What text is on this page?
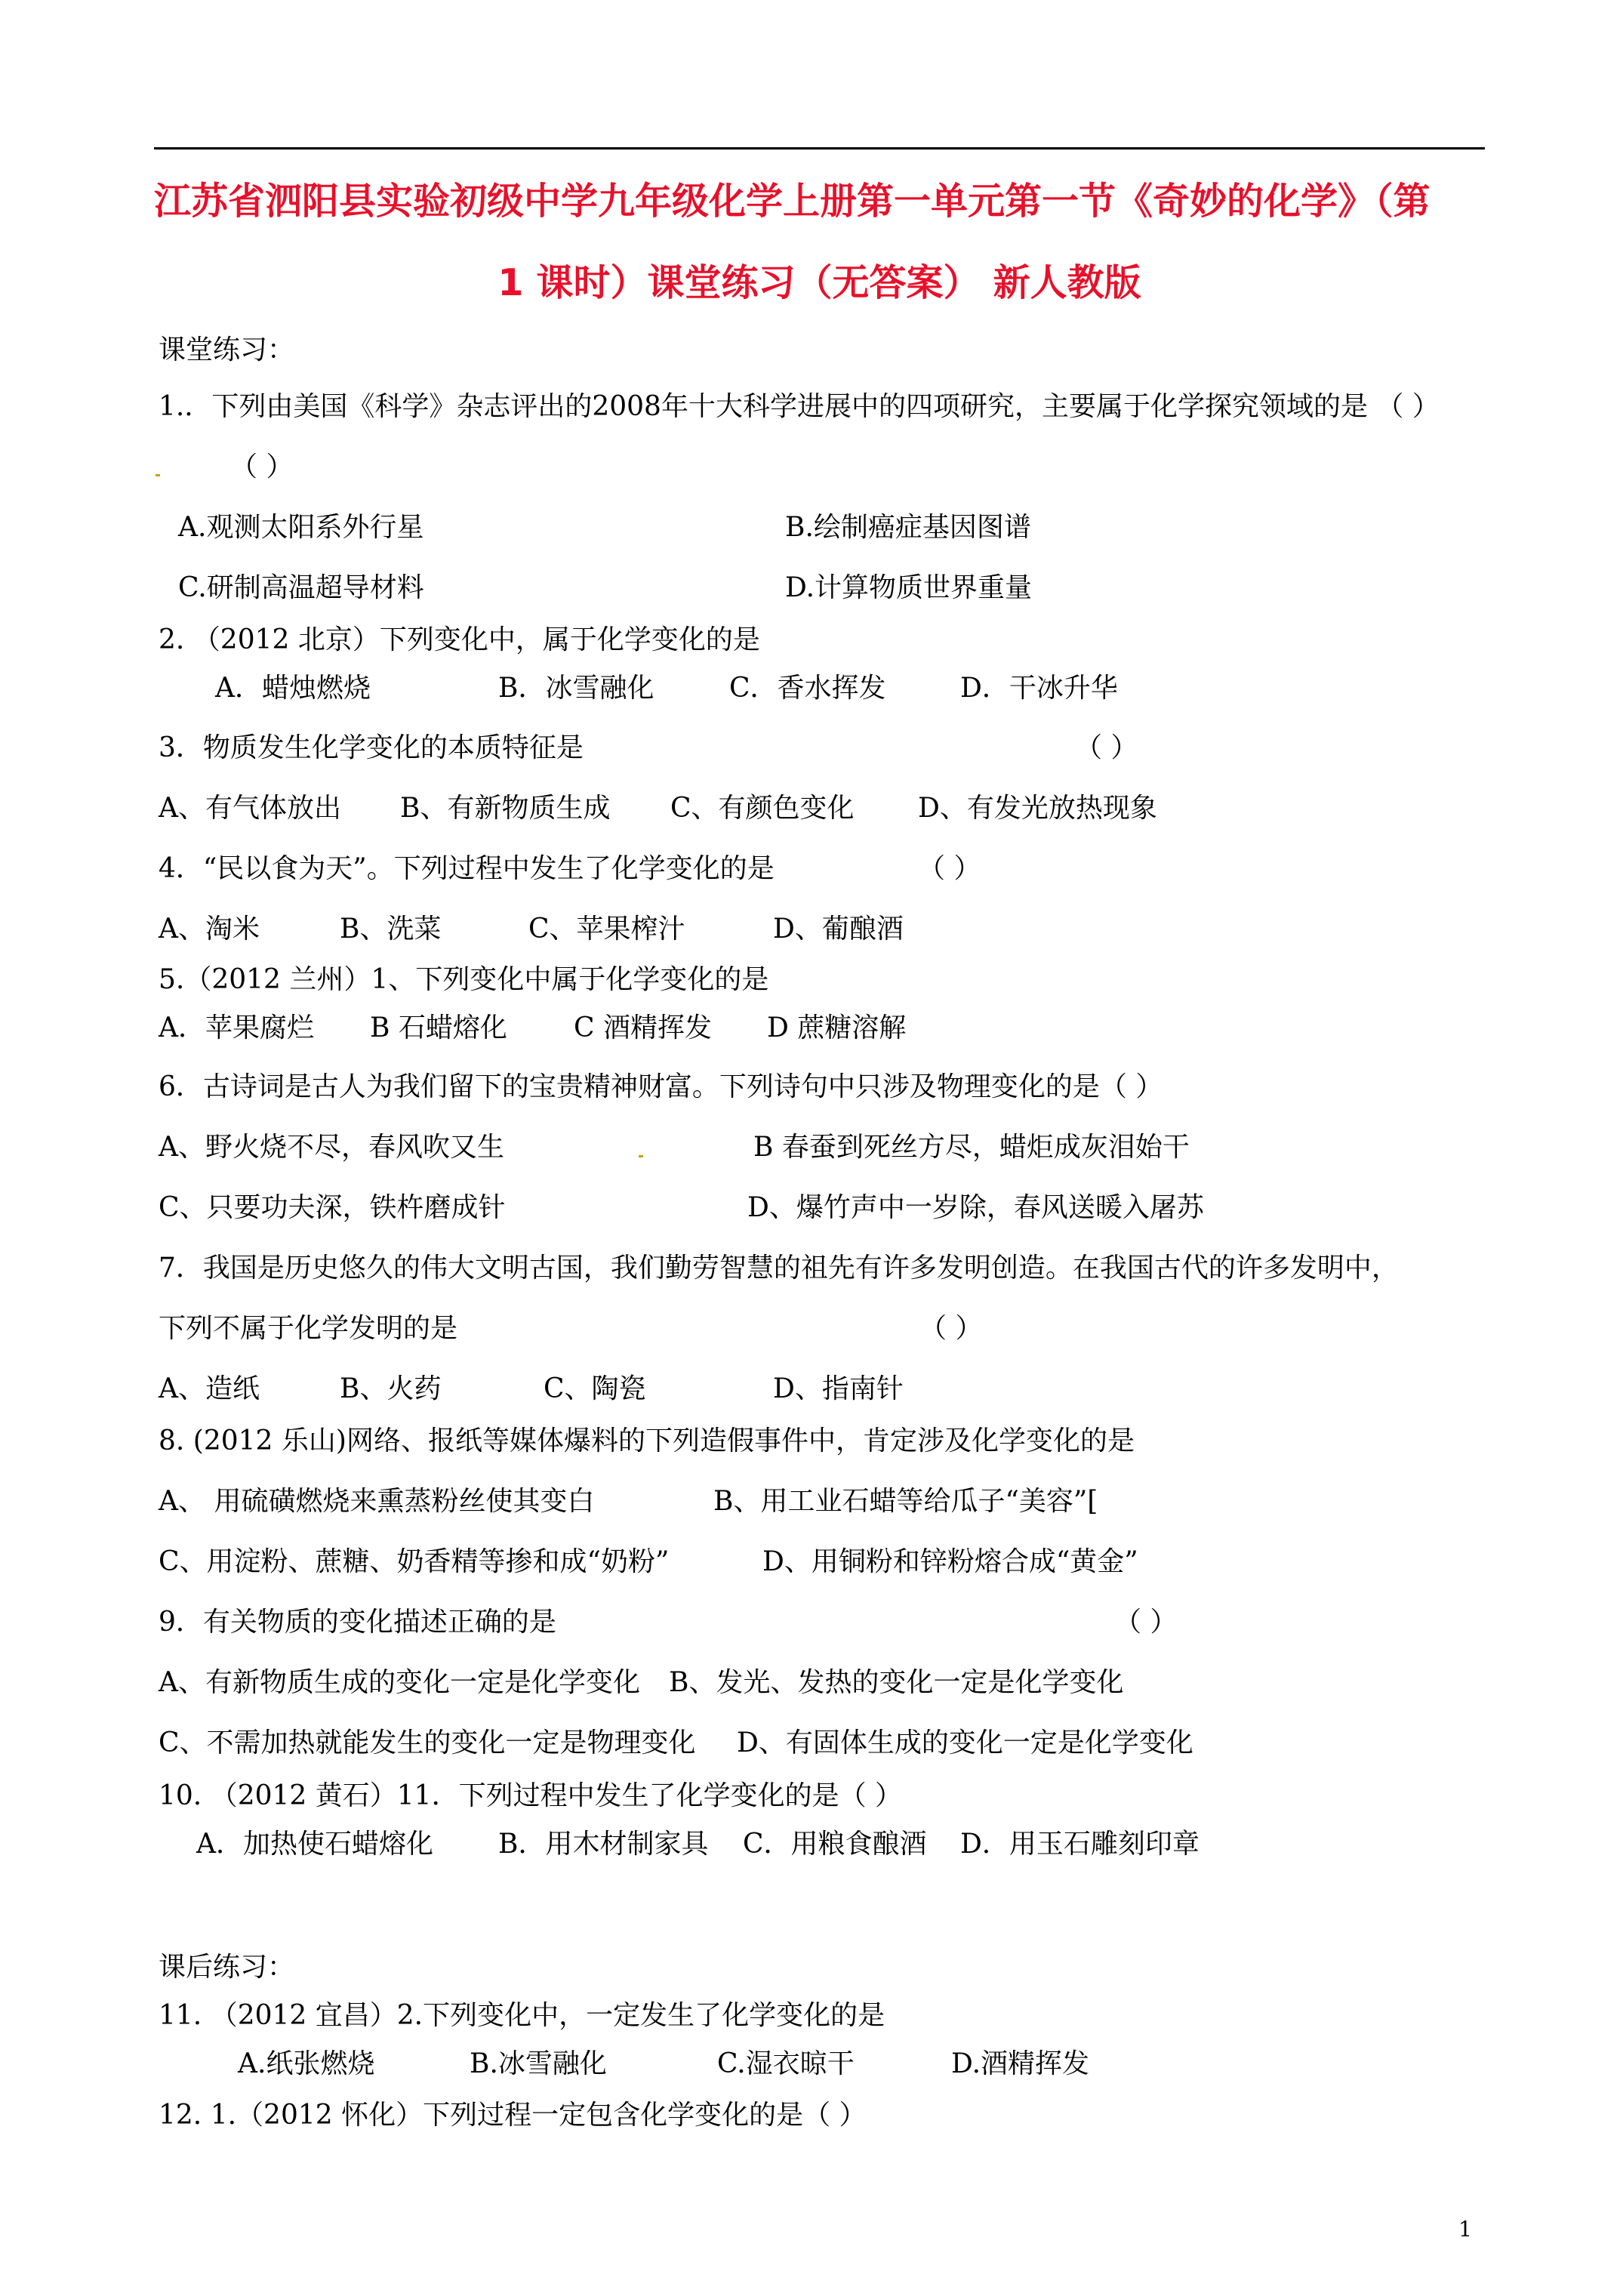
江苏省泗阳县实验初级中学九年级化学上册第一单元第一节《奇妙的化学》（第
1 课时）课堂练习（无答案） 新人教版
课堂练习：
1.．下列由美国《科学》杂志评出的2008年十大科学进展中的四项研究，主要属于化学探究领域的是 （ ）
（ ）
A.观测太阳系外行星	B.绘制癌症基因图谱
C.研制高温超导材料	D.计算物质世界重量
2. （2012 北京）下列变化中，属于化学变化的是
A．蜡烛燃烧	B．冰雪融化	C．香水挥发	D．干冰升华
3．物质发生化学变化的本质特征是	（ ）
A、有气体放出 B、有新物质生成 C、有颜色变化 D、有发光放热现象
4．“民以食为天”。下列过程中发生了化学变化的是	（ ）
A、淘米	B、洗菜	C、苹果榨汁	D、葡酿酒
5.（2012 兰州）1、下列变化中属于化学变化的是
A．苹果腐烂 B 石蜡熔化 C 酒精挥发 D 蔗糖溶解
6．古诗词是古人为我们留下的宝贵精神财富。下列诗句中只涉及物理变化的是（ ）
A、野火烧不尽，春风吹又生	B 春蚕到死丝方尽，蜡炬成灰泪始干
C、只要功夫深，铁杵磨成针	D、爆竹声中一岁除，春风送暖入屠苏
7．我国是历史悠久的伟大文明古国，我们勤劳智慧的祖先有许多发明创造。在我国古代的许多发明中，
下列不属于化学发明的是	（ ）
A、造纸	B、火药	C、陶瓷	D、指南针
8. (2012 乐山)网络、报纸等媒体爆料的下列造假事件中，肯定涉及化学变化的是
A、 用硫磺燃烧来熏蒸粉丝使其变白	B、用工业石蜡等给瓜子“美容”[
C、用淀粉、蔗糖、奶香精等掺和成“奶粉”	D、用铜粉和锌粉熔合成“黄金”
9．有关物质的变化描述正确的是	（ ）
A、有新物质生成的变化一定是化学变化 B、发光、发热的变化一定是化学变化
C、不需加热就能发生的变化一定是物理变化 D、有固体生成的变化一定是化学变化
10. （2012 黄石）11．下列过程中发生了化学变化的是（ ）
A．加热使石蜡熔化 B．用木材制家具 C．用粮食酿酒 D．用玉石雕刻印章
课后练习：
11. （2012 宜昌）2.下列变化中，一定发生了化学变化的是
A.纸张燃烧	B.冰雪融化	C.湿衣晾干	D.酒精挥发
12. 1.（2012 怀化）下列过程一定包含化学变化的是（ ）
1
